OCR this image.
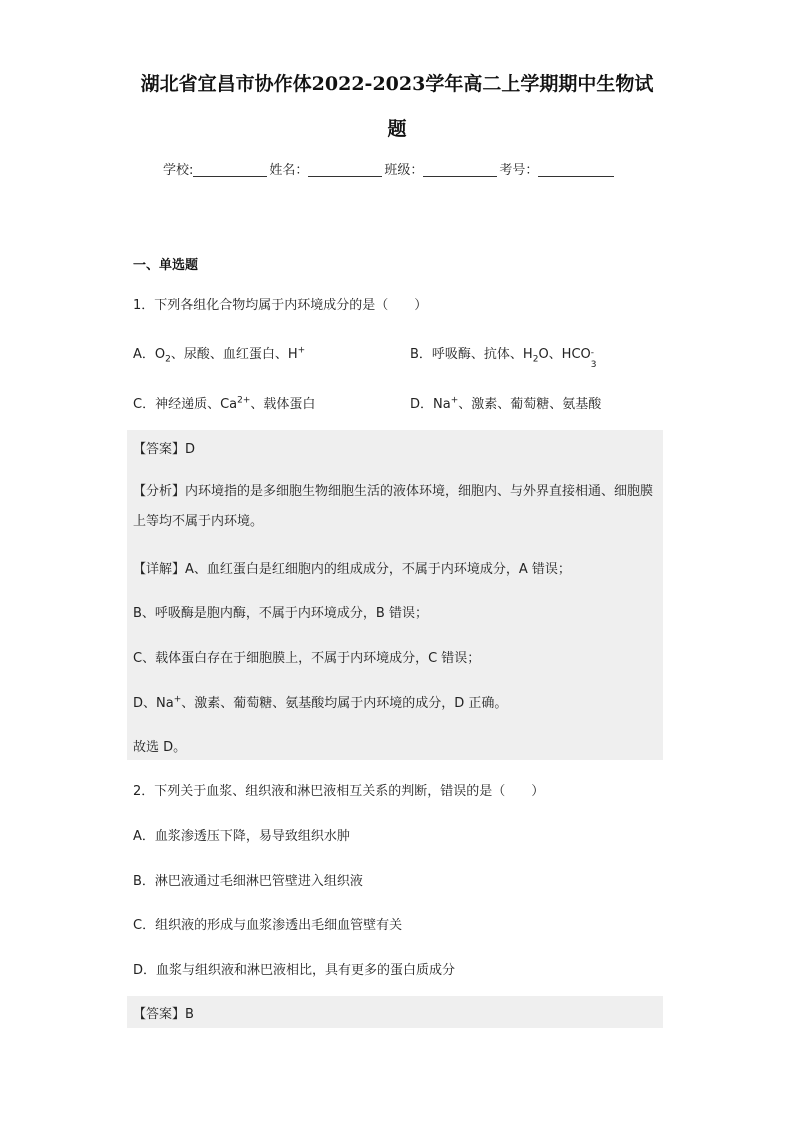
湖北省宜昌市协作体2022-2023学年高二上学期期中生物试
题
学校:	姓名：	班级：	考号：
一、单选题
1．下列各组化合物均属于内环境成分的是（　　）
A．$O_2$、尿酸、血红蛋白、H+	B．呼吸酶、抗体、$H_2O$、HCO -
3
C．神经递质、$Ca^{2+}$、载体蛋白	D．Na+、激素、葡萄糖、氨基酸
【答案】D
【分析】内环境指的是多细胞生物细胞生活的液体环境，细胞内、与外界直接相通、细胞膜上等均不属于内环境。
【详解】A、血红蛋白是红细胞内的组成成分，不属于内环境成分，A 错误；
B、呼吸酶是胞内酶，不属于内环境成分，B 错误；
C、载体蛋白存在于细胞膜上，不属于内环境成分，C 错误；
D、Na+、激素、葡萄糖、氨基酸均属于内环境的成分，D 正确。
故选 D。
2．下列关于血浆、组织液和淋巴液相互关系的判断，错误的是（　　）
A．血浆渗透压下降，易导致组织水肿
B．淋巴液通过毛细淋巴管壁进入组织液
C．组织液的形成与血浆渗透出毛细血管壁有关
D．血浆与组织液和淋巴液相比，具有更多的蛋白质成分
【答案】B
